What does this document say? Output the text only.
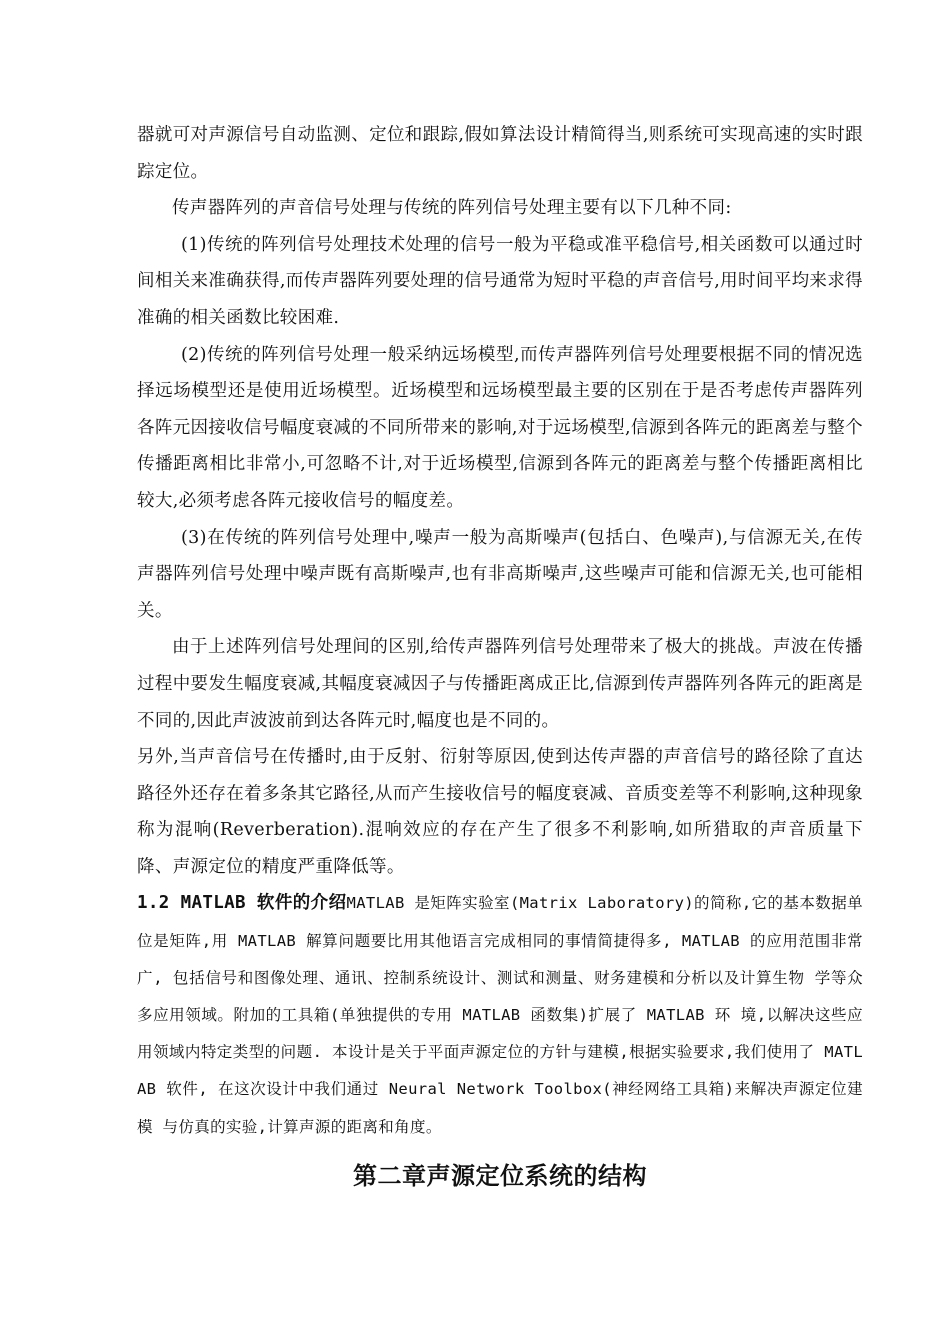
器就可对声源信号自动监测、定位和跟踪,假如算法设计精简得当,则系统可实现高速的实时跟踪定位。

传声器阵列的声音信号处理与传统的阵列信号处理主要有以下几种不同:

(1)传统的阵列信号处理技术处理的信号一般为平稳或准平稳信号,相关函数可以通过时间相关来准确获得,而传声器阵列要处理的信号通常为短时平稳的声音信号,用时间平均来求得准确的相关函数比较困难.

(2)传统的阵列信号处理一般采纳远场模型,而传声器阵列信号处理要根据不同的情况选择远场模型还是使用近场模型。近场模型和远场模型最主要的区别在于是否考虑传声器阵列各阵元因接收信号幅度衰减的不同所带来的影响,对于远场模型,信源到各阵元的距离差与整个传播距离相比非常小,可忽略不计,对于近场模型,信源到各阵元的距离差与整个传播距离相比较大,必须考虑各阵元接收信号的幅度差。

(3)在传统的阵列信号处理中,噪声一般为高斯噪声(包括白、色噪声),与信源无关,在传声器阵列信号处理中噪声既有高斯噪声,也有非高斯噪声,这些噪声可能和信源无关,也可能相关。

由于上述阵列信号处理间的区别,给传声器阵列信号处理带来了极大的挑战。声波在传播过程中要发生幅度衰减,其幅度衰减因子与传播距离成正比,信源到传声器阵列各阵元的距离是不同的,因此声波波前到达各阵元时,幅度也是不同的。

另外,当声音信号在传播时,由于反射、衍射等原因,使到达传声器的声音信号的路径除了直达路径外还存在着多条其它路径,从而产生接收信号的幅度衰减、音质变差等不利影响,这种现象称为混响(Reverberation).混响效应的存在产生了很多不利影响,如所猎取的声音质量下降、声源定位的精度严重降低等。

1.2 MATLAB 软件的介绍MATLAB 是矩阵实验室(Matrix Laboratory)的简称,它的基本数据单位是矩阵,用 MATLAB 解算问题要比用其他语言完成相同的事情简捷得多, MATLAB 的应用范围非常广, 包括信号和图像处理、通讯、控制系统设计、测试和测量、财务建模和分析以及计算生物 学等众多应用领域。附加的工具箱(单独提供的专用 MATLAB 函数集)扩展了 MATLAB 环 境,以解决这些应用领域内特定类型的问题. 本设计是关于平面声源定位的方针与建模,根据实验要求,我们使用了 MATLAB 软件, 在这次设计中我们通过 Neural Network Toolbox(神经网络工具箱)来解决声源定位建模 与仿真的实验,计算声源的距离和角度。

第二章声源定位系统的结构
